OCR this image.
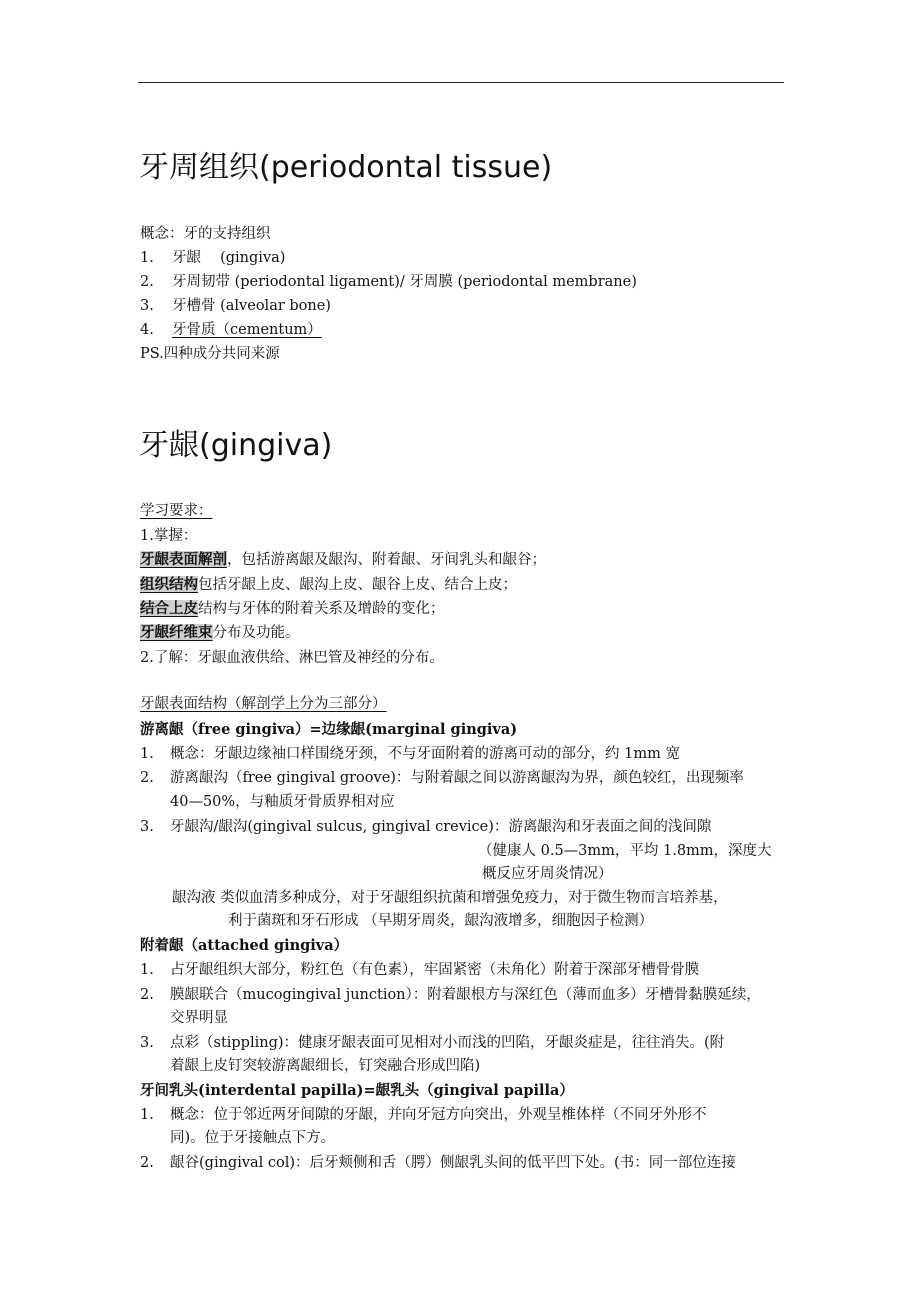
牙周组织(periodontal tissue)
概念：牙的支持组织
1. 牙龈　 (gingiva)
2. 牙周韧带 (periodontal ligament)/ 牙周膜 (periodontal membrane)
3. 牙槽骨 (alveolar bone)
4. 牙骨质（cementum）
PS.四种成分共同来源
牙龈(gingiva)
学习要求：
1.掌握：
牙龈表面解剖，包括游离龈及龈沟、附着龈、牙间乳头和龈谷；
组织结构包括牙龈上皮、龈沟上皮、龈谷上皮、结合上皮；
结合上皮结构与牙体的附着关系及增龄的变化；
牙龈纤维束分布及功能。
2.了解：牙龈血液供给、淋巴管及神经的分布。
牙龈表面结构（解剖学上分为三部分）
游离龈（free gingiva）=边缘龈(marginal gingiva)
1. 概念：牙龈边缘袖口样围绕牙颈，不与牙面附着的游离可动的部分，约 1mm 宽
2. 游离龈沟（free gingival groove)：与附着龈之间以游离龈沟为界，颜色较红，出现频率
40—50%，与釉质牙骨质界相对应
3. 牙龈沟/龈沟(gingival sulcus, gingival crevice)：游离龈沟和牙表面之间的浅间隙
（健康人 0.5—3mm，平均 1.8mm，深度大
概反应牙周炎情况）
龈沟液 类似血清多种成分，对于牙龈组织抗菌和增强免疫力，对于微生物而言培养基，
利于菌斑和牙石形成 （早期牙周炎，龈沟液增多，细胞因子检测）
附着龈（attached gingiva）
1. 占牙龈组织大部分，粉红色（有色素），牢固紧密（未角化）附着于深部牙槽骨骨膜
2. 膜龈联合（mucogingival junction）：附着龈根方与深红色（薄而血多）牙槽骨黏膜延续，
交界明显
3. 点彩（stippling)：健康牙龈表面可见相对小而浅的凹陷，牙龈炎症是，往往消失。(附
着龈上皮钉突较游离龈细长，钉突融合形成凹陷)
牙间乳头(interdental papilla)=龈乳头（gingival papilla）
1. 概念：位于邻近两牙间隙的牙龈，并向牙冠方向突出，外观呈椎体样（不同牙外形不
同)。位于牙接触点下方。
2. 龈谷(gingival col)：后牙颊侧和舌（腭）侧龈乳头间的低平凹下处。(书：同一部位连接
